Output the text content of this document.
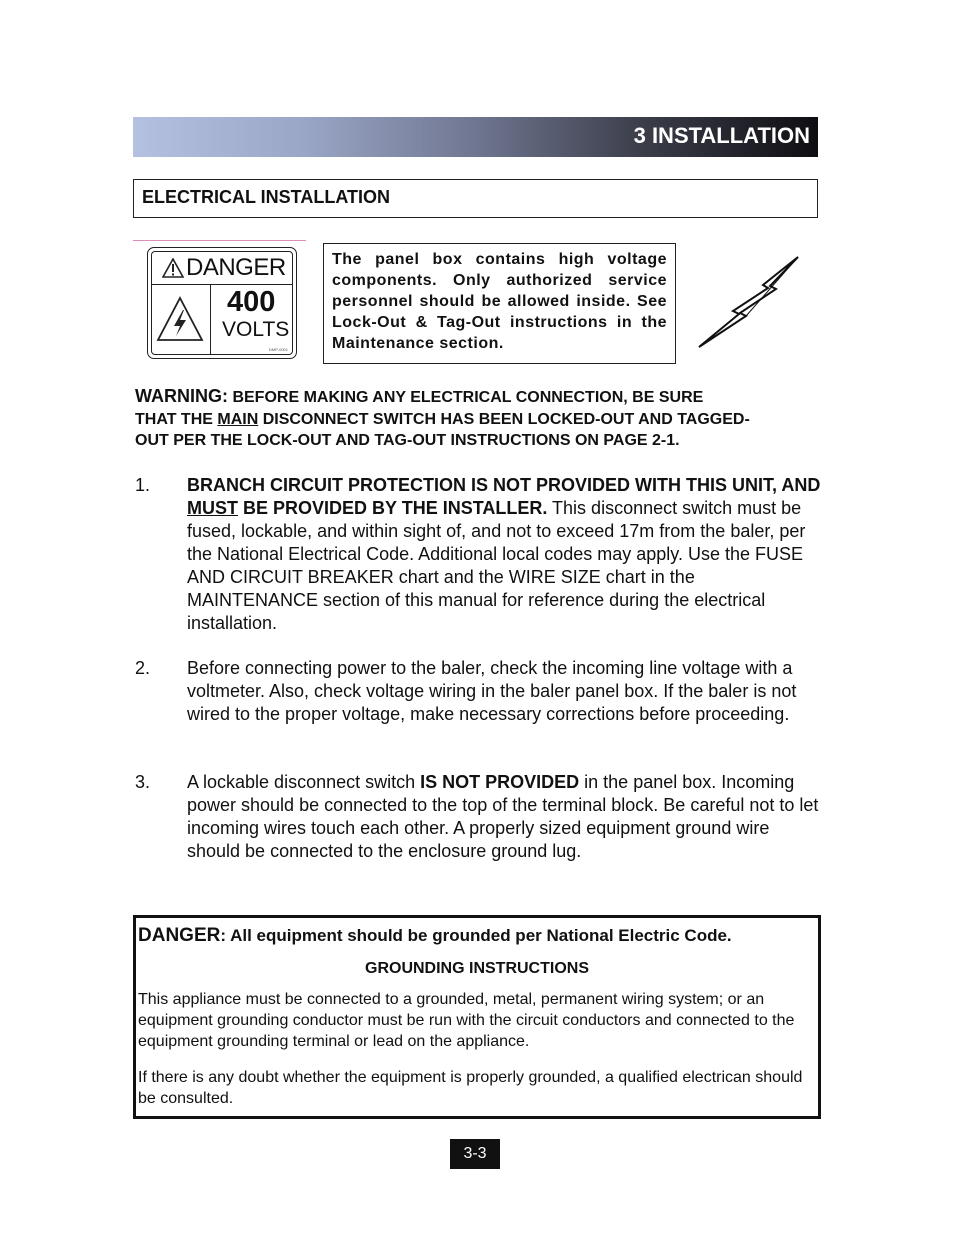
3 INSTALLATION
ELECTRICAL INSTALLATION
DANGER
400
VOLTS
DMP-0001
The panel box contains high voltage components. Only authorized service personnel should be allowed inside. See Lock-Out & Tag-Out instructions in the Maintenance section.
WARNING: BEFORE MAKING ANY ELECTRICAL CONNECTION, BE SURE
THAT THE MAIN DISCONNECT SWITCH HAS BEEN LOCKED-OUT AND TAGGED-
OUT PER THE LOCK-OUT AND TAG-OUT INSTRUCTIONS ON PAGE 2-1.
1. BRANCH CIRCUIT PROTECTION IS NOT PROVIDED WITH THIS UNIT, AND MUST BE PROVIDED BY THE INSTALLER. This disconnect switch must be fused, lockable, and within sight of, and not to exceed 17m from the baler, per the National Electrical Code. Additional local codes may apply. Use the FUSE AND CIRCUIT BREAKER chart and the WIRE SIZE chart in the MAINTENANCE section of this manual for reference during the electrical installation.
2. Before connecting power to the baler, check the incoming line voltage with a voltmeter. Also, check voltage wiring in the baler panel box. If the baler is not wired to the proper voltage, make necessary corrections before proceeding.
3. A lockable disconnect switch IS NOT PROVIDED in the panel box. Incoming power should be connected to the top of the terminal block. Be careful not to let incoming wires touch each other. A properly sized equipment ground wire should be connected to the enclosure ground lug.
DANGER: All equipment should be grounded per National Electric Code.
GROUNDING INSTRUCTIONS
This appliance must be connected to a grounded, metal, permanent wiring system; or an equipment grounding conductor must be run with the circuit conductors and connected to the equipment grounding terminal or lead on the appliance.
If there is any doubt whether the equipment is properly grounded, a qualified electrican should be consulted.
3-3
